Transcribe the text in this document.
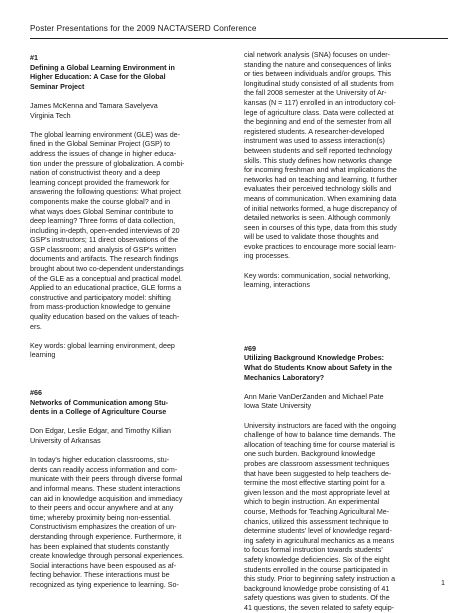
Poster Presentations for the 2009 NACTA/SERD Conference

#1

Defining a Global Learning Environment in

Higher Education: A Case for the Global

Seminar Project

James McKenna and Tamara Savelyeva

Virginia Tech

The global learning environment (GLE) was de-

fined in the Global Seminar Project (GSP) to

address the issues of change in higher educa-

tion under the pressure of globalization. A combi-

nation of constructivist theory and a deep

learning concept provided the framework for

answering the following questions: What project

components make the course global? and in

what ways does Global Seminar contribute to

deep learning? Three forms of data collection,

including in-depth, open-ended interviews of 20

GSP's instructors; 11 direct observations of the

GSP classroom; and analysis of GSP's written

documents and artifacts. The research findings

brought about two co-dependent understandings

of the GLE as a conceptual and practical model.

Applied to an educational practice, GLE forms a

constructive and participatory model: shifting

from mass-production knowledge to genuine

quality education based on the values of teach-

ers.

Key words: global learning environment, deep

learning

#66

Networks of Communication among Stu-

dents in a College of Agriculture Course

Don Edgar, Leslie Edgar, and Timothy Killian

University of Arkansas

In today's higher education classrooms, stu-

dents can readily access information and com-

municate with their peers through diverse formal

and informal means. These student interactions

can aid in knowledge acquisition and immediacy

to their peers and occur anywhere and at any

time; whereby proximity being non-essential.

Constructivism emphasizes the creation of un-

derstanding through experience. Furthermore, it

has been explained that students constantly

create knowledge through personal experiences.

Social interactions have been espoused as af-

fecting behavior. These interactions must be

recognized as tying experience to learning. So-

cial network analysis (SNA) focuses on under-

standing the nature and consequences of links

or ties between individuals and/or groups. This

longitudinal study consisted of all students from

the fall 2008 semester at the University of Ar-

kansas (N = 117) enrolled in an introductory col-

lege of agriculture class. Data were collected at

the beginning and end of the semester from all

registered students. A researcher-developed

instrument was used to assess interaction(s)

between students and self reported technology

skills. This study defines how networks change

for incoming freshman and what implications the

networks had on teaching and learning. It further

evaluates their perceived technology skills and

means of communication. When examining data

of initial networks formed, a huge discrepancy of

detailed networks is seen. Although commonly

seen in courses of this type, data from this study

will be used to validate those thoughts and

evoke practices to encourage more social learn-

ing processes.

Key words: communication, social networking,

learning, interactions

#69

Utilizing Background Knowledge Probes:

What do Students Know about Safety in the

Mechanics Laboratory?

Ann Marie VanDerZanden and Michael Pate

Iowa State University

University instructors are faced with the ongoing

challenge of how to balance time demands. The

allocation of teaching time for course material is

one such burden. Background knowledge

probes are classroom assessment techniques

that have been suggested to help teachers de-

termine the most effective starting point for a

given lesson and the most appropriate level at

which to begin instruction. An experimental

course, Methods for Teaching Agricultural Me-

chanics, utilized this assessment technique to

determine students' level of knowledge regard-

ing safety in agricultural mechanics as a means

to focus formal instruction towards students'

safety knowledge deficiencies. Six of the eight

students enrolled in the course participated in

this study. Prior to beginning safety instruction a

background knowledge probe consisting of 41

safety questions was given to students. Of the

41 questions, the seven related to safety equip-

1
